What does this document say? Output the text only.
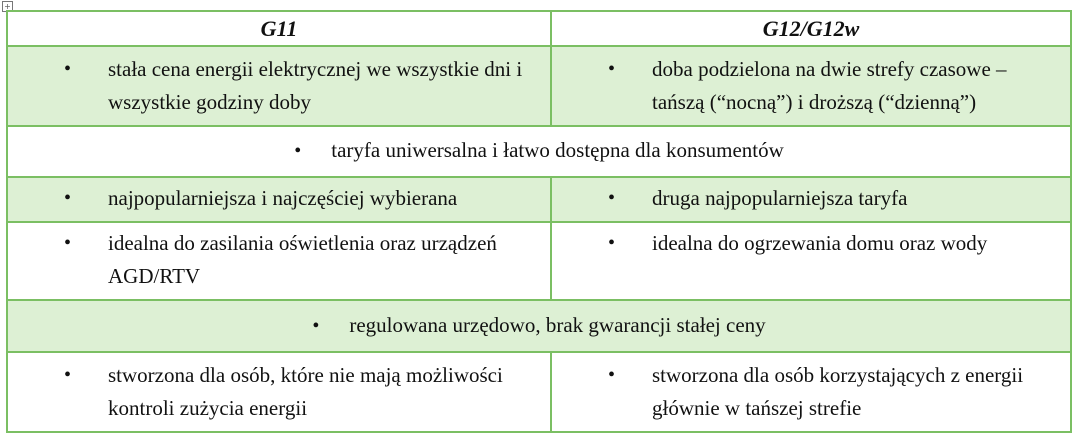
+
G11	G12/G12w

• stała cena energii elektrycznej we wszystkie dni i wszystkie godziny doby	• doba podzielona na dwie strefy czasowe – tańszą (“nocną”) i droższą (“dzienną”)

• taryfa uniwersalna i łatwo dostępna dla konsumentów	

• najpopularniejsza i najczęściej wybierana	• druga najpopularniejsza taryfa

• idealna do zasilania oświetlenia oraz urządzeń AGD/RTV	• idealna do ogrzewania domu oraz wody

• regulowana urzędowo, brak gwarancji stałej ceny	

• stworzona dla osób, które nie mają możliwości kontroli zużycia energii	• stworzona dla osób korzystających z energii głównie w tańszej strefie
